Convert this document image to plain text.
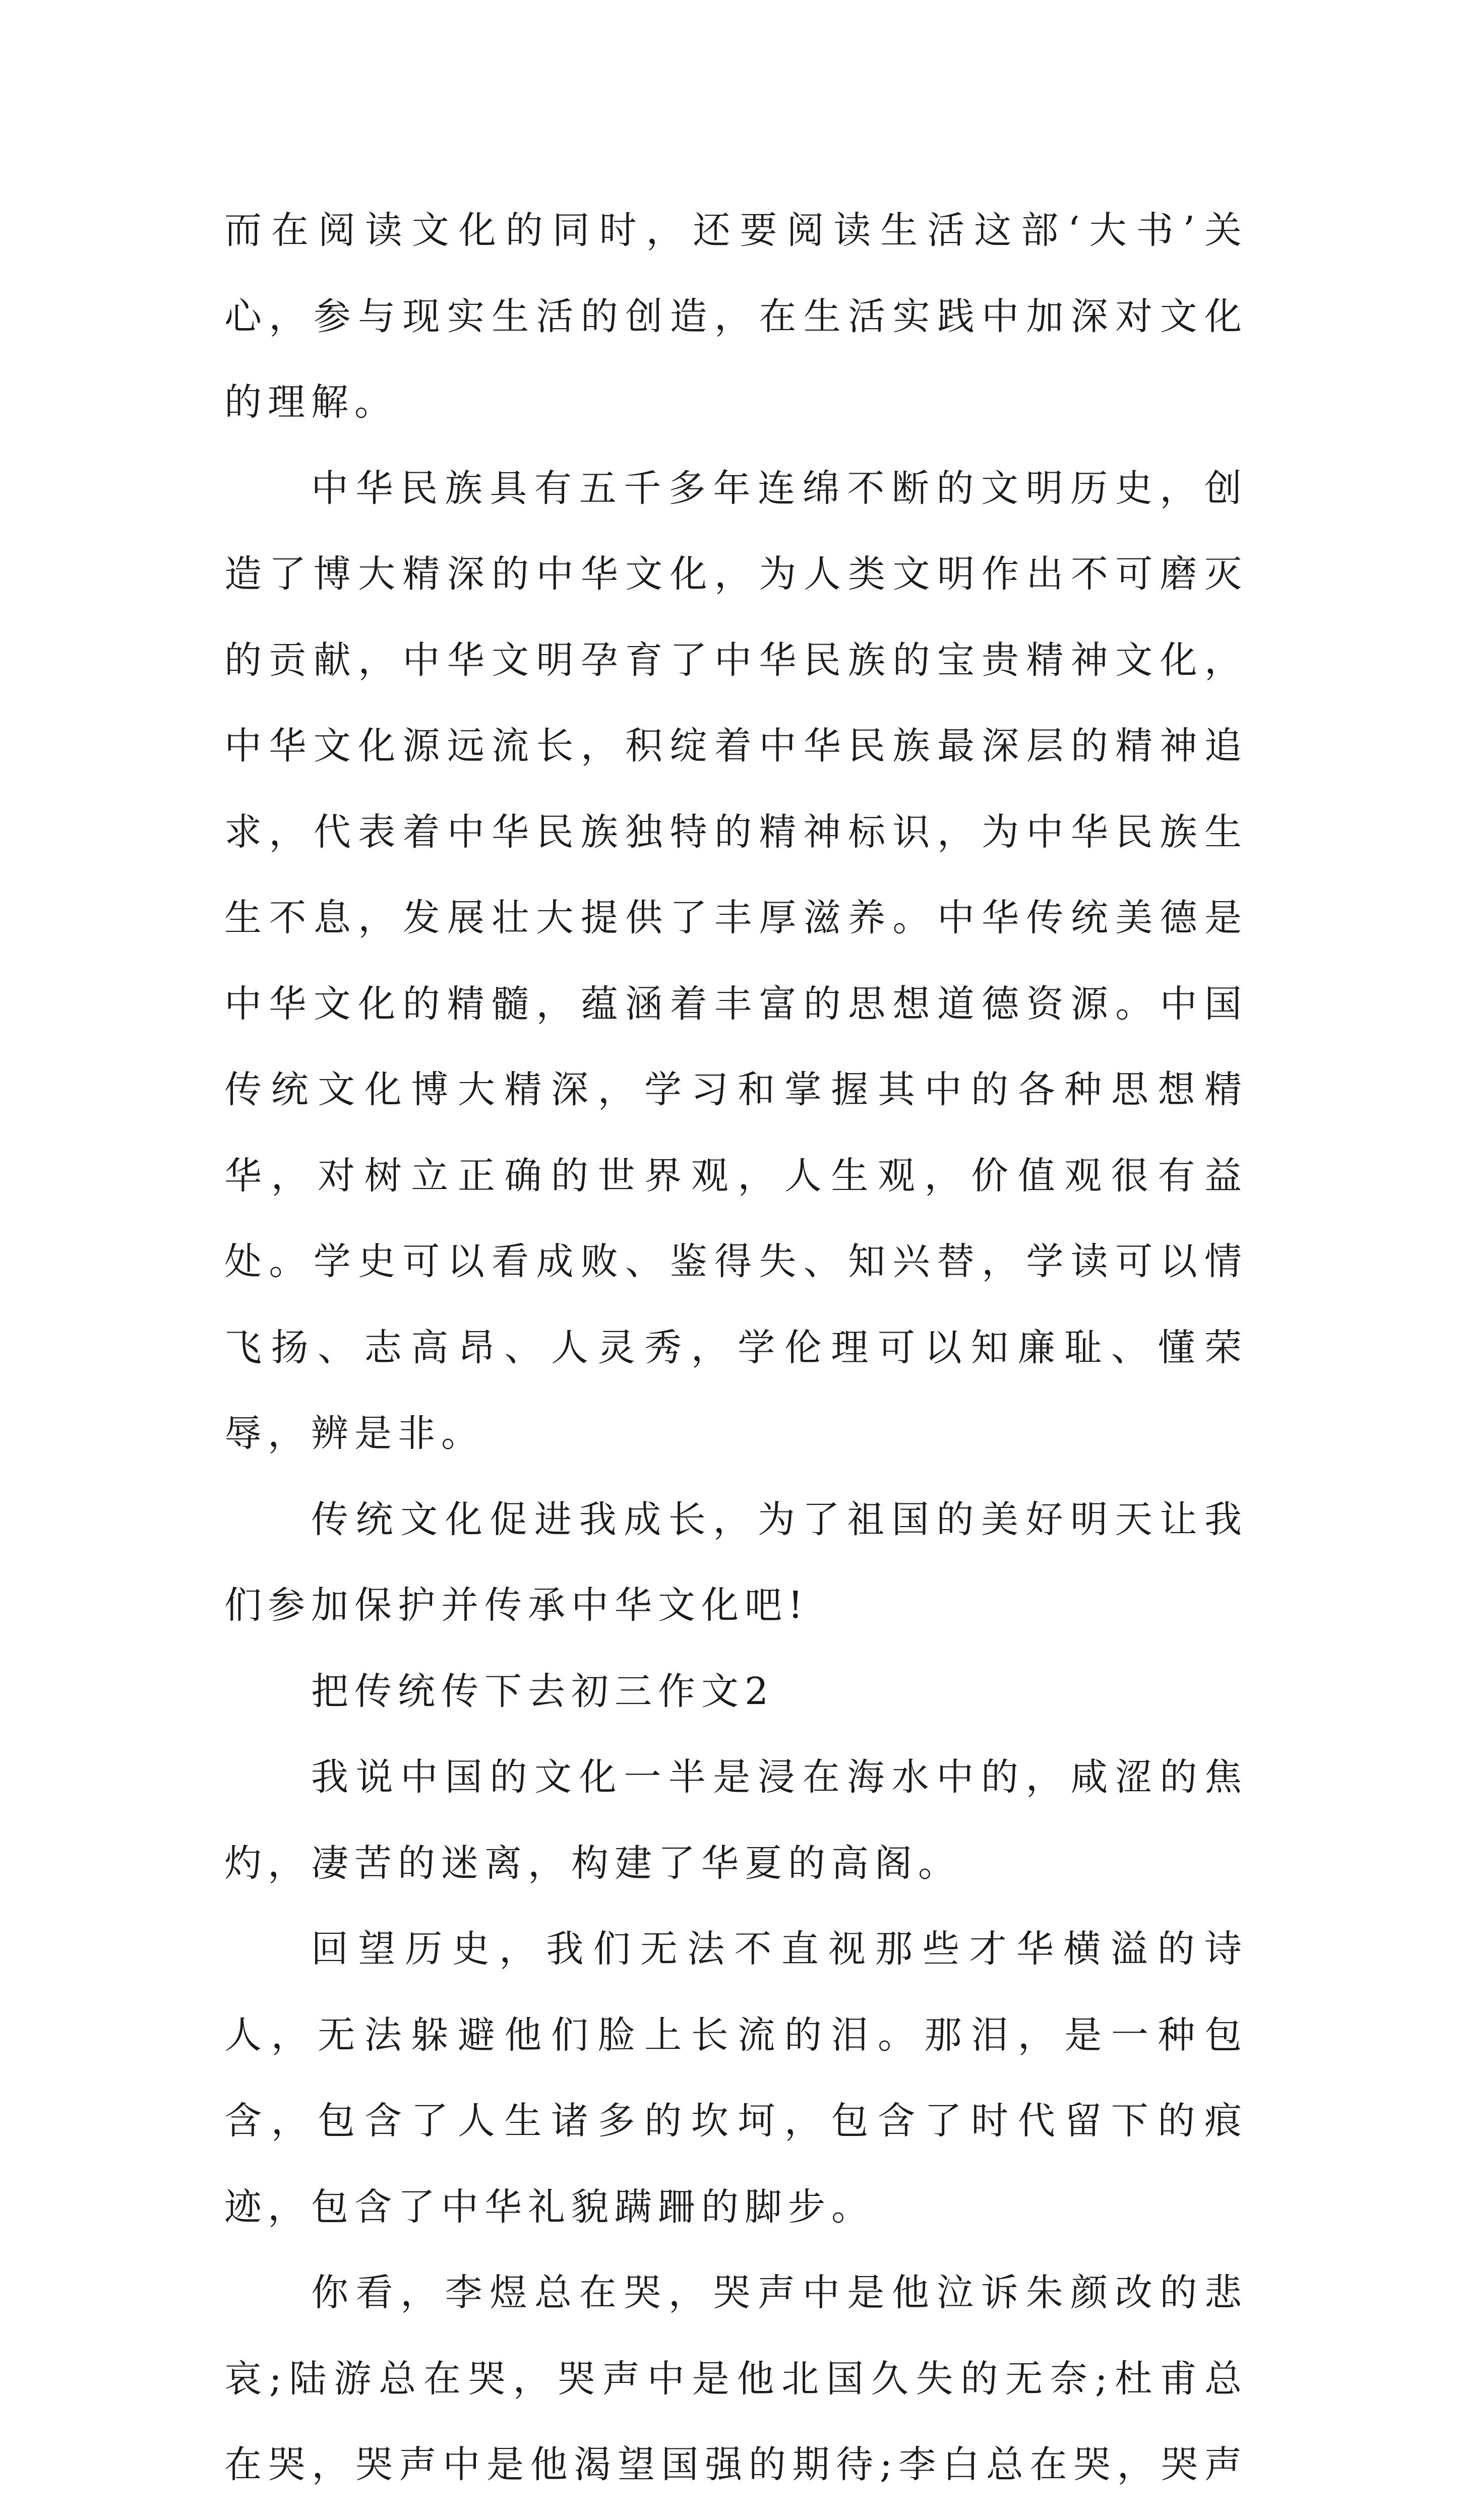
而在阅读文化的同时，还要阅读生活这部‘大书’关心，参与现实生活的创造，在生活实践中加深对文化的理解。

中华民族具有五千多年连绵不断的文明历史，创造了博大精深的中华文化，为人类文明作出不可磨灭的贡献，中华文明孕育了中华民族的宝贵精神文化，中华文化源远流长，积绽着中华民族最深层的精神追求，代表着中华民族独特的精神标识，为中华民族生生不息，发展壮大提供了丰厚滋养。中华传统美德是中华文化的精髓，蕴涵着丰富的思想道德资源。中国传统文化博大精深，学习和掌握其中的各种思想精华，对树立正确的世界观，人生观，价值观很有益处。学史可以看成败、鉴得失、知兴替，学读可以情飞扬、志高昂、人灵秀，学伦理可以知廉耻、懂荣辱，辨是非。

传统文化促进我成长，为了祖国的美好明天让我们参加保护并传承中华文化吧!

把传统传下去初三作文2

我说中国的文化一半是浸在海水中的，咸涩的焦灼，凄苦的迷离，构建了华夏的高阁。

回望历史，我们无法不直视那些才华横溢的诗人，无法躲避他们脸上长流的泪。那泪，是一种包含，包含了人生诸多的坎坷，包含了时代留下的痕迹，包含了中华礼貌蹒跚的脚步。

你看，李煜总在哭，哭声中是他泣诉朱颜改的悲哀;陆游总在哭，哭声中是他北国久失的无奈;杜甫总在哭，哭声中是他渴望国强的期待;李白总在哭，哭声
